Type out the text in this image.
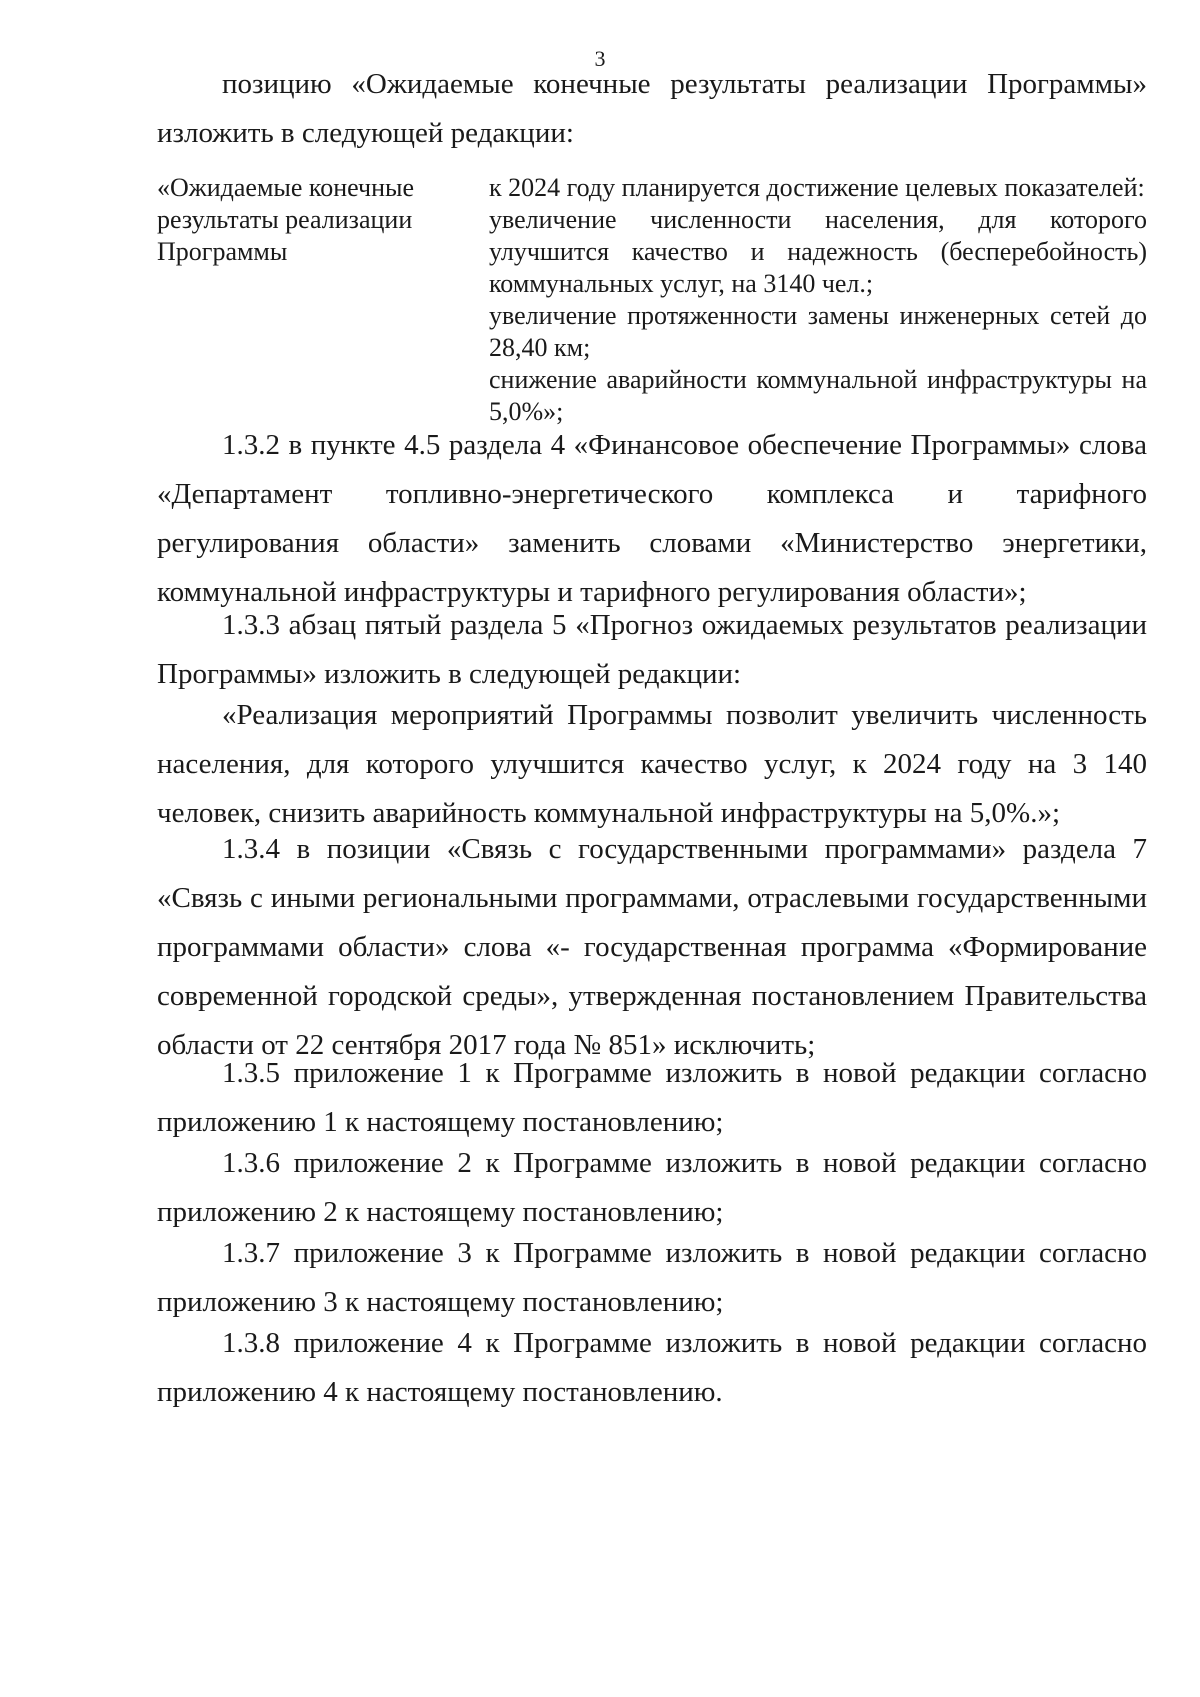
3

позицию «Ожидаемые конечные результаты реализации Программы» изложить в следующей редакции:

«Ожидаемые конечные результаты реализации Программы
к 2024 году планируется достижение целевых показателей:
увеличение численности населения, для которого улучшится качество и надежность (бесперебойность) коммунальных услуг, на 3140 чел.;
увеличение протяженности замены инженерных сетей до 28,40 км;
снижение аварийности коммунальной инфраструктуры на 5,0%»;

1.3.2 в пункте 4.5 раздела 4 «Финансовое обеспечение Программы» слова «Департамент топливно-энергетического комплекса и тарифного регулирования области» заменить словами «Министерство энергетики, коммунальной инфраструктуры и тарифного регулирования области»;

1.3.3 абзац пятый раздела 5 «Прогноз ожидаемых результатов реализации Программы» изложить в следующей редакции:

«Реализация мероприятий Программы позволит увеличить численность населения, для которого улучшится качество услуг, к 2024 году на 3 140 человек, снизить аварийность коммунальной инфраструктуры на 5,0%.»;

1.3.4 в позиции «Связь с государственными программами» раздела 7 «Связь с иными региональными программами, отраслевыми государственными программами области» слова «- государственная программа «Формирование современной городской среды», утвержденная постановлением Правительства области от 22 сентября 2017 года № 851» исключить;

1.3.5 приложение 1 к Программе изложить в новой редакции согласно приложению 1 к настоящему постановлению;

1.3.6 приложение 2 к Программе изложить в новой редакции согласно приложению 2 к настоящему постановлению;

1.3.7 приложение 3 к Программе изложить в новой редакции согласно приложению 3 к настоящему постановлению;

1.3.8 приложение 4 к Программе изложить в новой редакции согласно приложению 4 к настоящему постановлению.
